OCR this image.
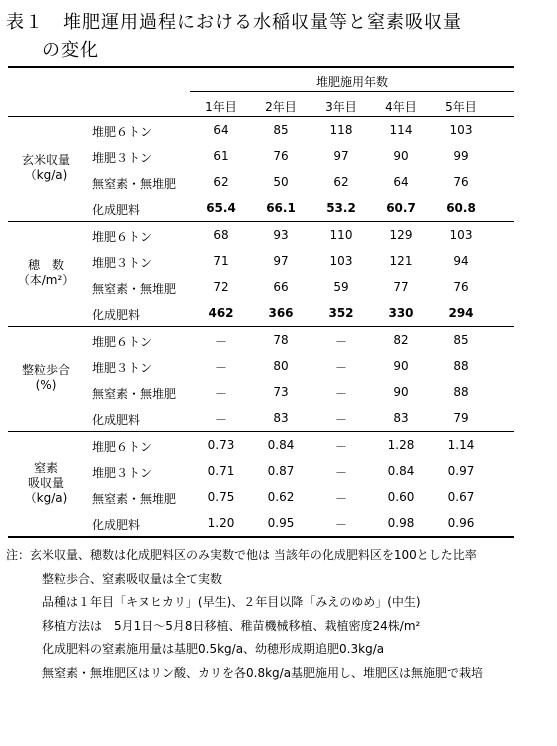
表１　堆肥運用過程における水稲収量等と窒素吸収量
の変化
堆肥施用年数
1年目	2年目	3年目	4年目	5年目
玄米収量
（kg/a)
堆肥６トン	64	85	118	114	103
堆肥３トン	61	76	97	90	99
無窒素・無堆肥	62	50	62	64	76
化成肥料	65.4	66.1	53.2	60.7	60.8
穂　数
（本/m²）
堆肥６トン	68	93	110	129	103
堆肥３トン	71	97	103	121	94
無窒素・無堆肥	72	66	59	77	76
化成肥料	462	366	352	330	294
整粒歩合
(%)
堆肥６トン	－	78	－	82	85
堆肥３トン	－	80	－	90	88
無窒素・無堆肥	－	73	－	90	88
化成肥料	－	83	－	83	79
窒素
吸収量
（kg/a)
堆肥６トン	0.73	0.84	－	1.28	1.14
堆肥３トン	0.71	0.87	－	0.84	0.97
無窒素・無堆肥	0.75	0.62	－	0.60	0.67
化成肥料	1.20	0.95	－	0.98	0.96
注：玄米収量、穂数は化成肥料区のみ実数で他は 当該年の化成肥料区を100とした比率
整粒歩合、窒素吸収量は全て実数
品種は１年目「キヌヒカリ」(早生)、２年目以降「みえのゆめ」(中生)
移植方法は　5月1日～5月8日移植、稚苗機械移植、栽植密度24株/m²
化成肥料の窒素施用量は基肥0.5kg/a、幼穂形成期追肥0.3kg/a
無窒素・無堆肥区はリン酸、カリを各0.8kg/a基肥施用し、堆肥区は無施肥で栽培
